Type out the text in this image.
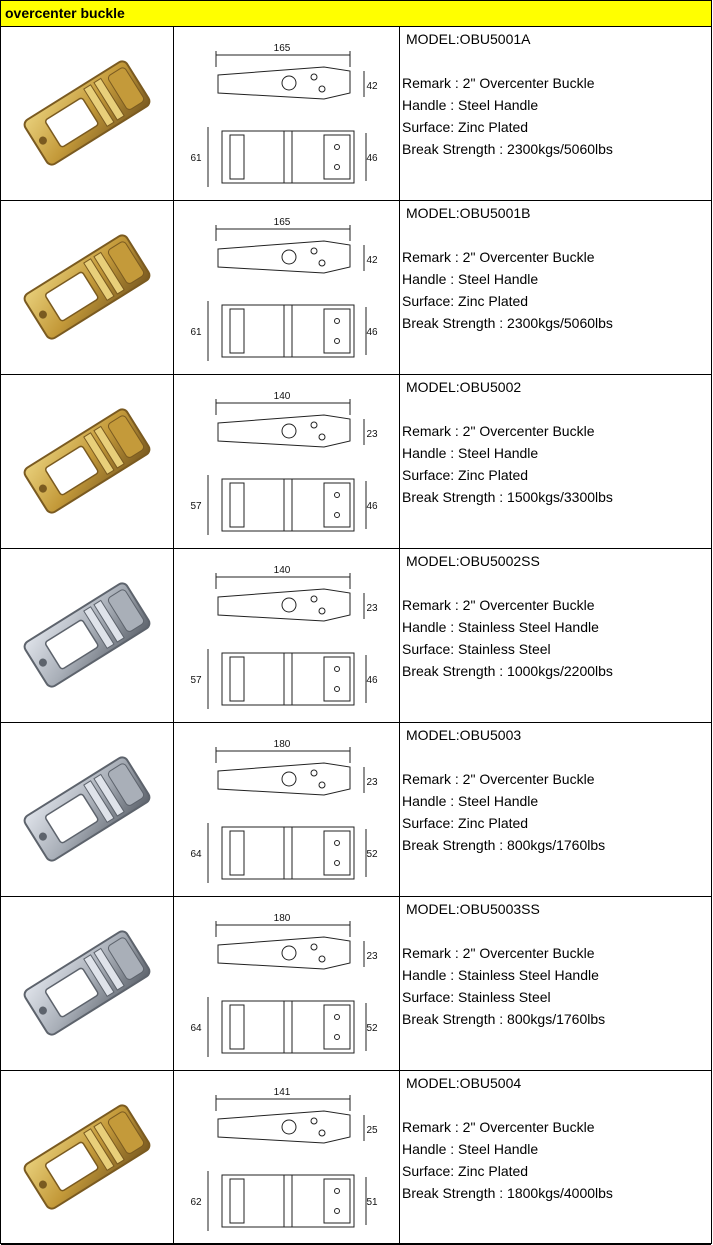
overcenter buckle
165
42
61	46
MODEL:OBU5001A
Remark : 2" Overcenter Buckle
Handle : Steel Handle
Surface: Zinc Plated
Break Strength : 2300kgs/5060lbs
165
42
61	46
MODEL:OBU5001B
Remark : 2" Overcenter Buckle
Handle : Steel Handle
Surface: Zinc Plated
Break Strength : 2300kgs/5060lbs
140
23
57	46
MODEL:OBU5002
Remark : 2" Overcenter Buckle
Handle : Steel Handle
Surface: Zinc Plated
Break Strength : 1500kgs/3300lbs
140
23
57	46
MODEL:OBU5002SS
Remark : 2" Overcenter Buckle
Handle : Stainless Steel Handle
Surface: Stainless Steel
Break Strength : 1000kgs/2200lbs
180
23
64	52
MODEL:OBU5003
Remark : 2" Overcenter Buckle
Handle : Steel Handle
Surface: Zinc Plated
Break Strength : 800kgs/1760lbs
180
23
64	52
MODEL:OBU5003SS
Remark : 2" Overcenter Buckle
Handle : Stainless Steel Handle
Surface: Stainless Steel
Break Strength : 800kgs/1760lbs
141
25
62	51
MODEL:OBU5004
Remark : 2" Overcenter Buckle
Handle : Steel Handle
Surface: Zinc Plated
Break Strength : 1800kgs/4000lbs
